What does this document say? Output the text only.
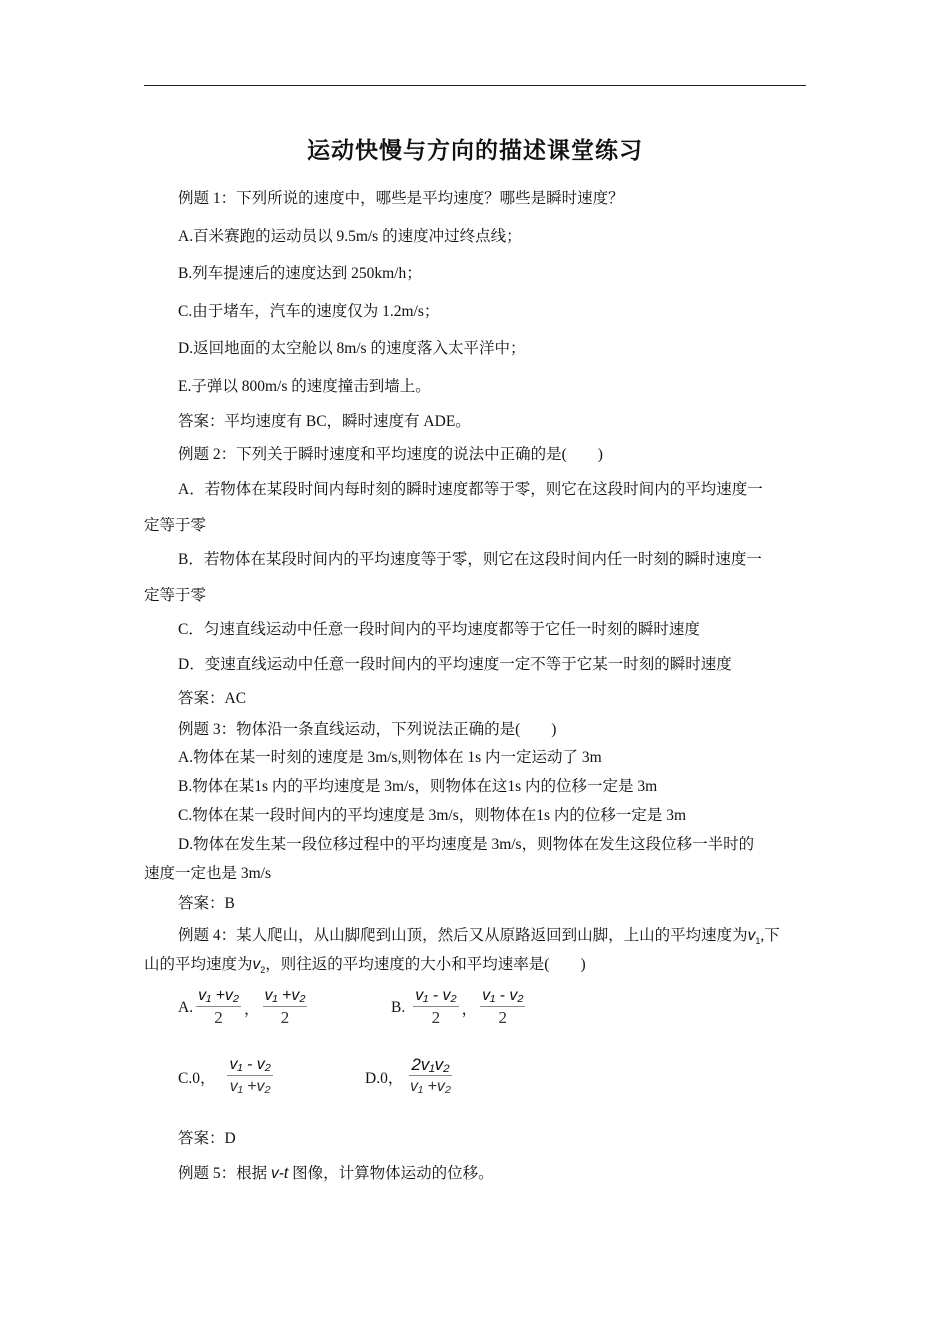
运动快慢与方向的描述课堂练习
例题 1：下列所说的速度中，哪些是平均速度？哪些是瞬时速度？
A.百米赛跑的运动员以 9.5m/s 的速度冲过终点线；
B.列车提速后的速度达到 250km/h；
C.由于堵车，汽车的速度仅为 1.2m/s；
D.返回地面的太空舱以 8m/s 的速度落入太平洋中；
E.子弹以 800m/s 的速度撞击到墙上。
答案：平均速度有 BC，瞬时速度有 ADE。
例题 2：下列关于瞬时速度和平均速度的说法中正确的是(　　)
A．若物体在某段时间内每时刻的瞬时速度都等于零，则它在这段时间内的平均速度一
定等于零
B．若物体在某段时间内的平均速度等于零，则它在这段时间内任一时刻的瞬时速度一
定等于零
C．匀速直线运动中任意一段时间内的平均速度都等于它任一时刻的瞬时速度
D．变速直线运动中任意一段时间内的平均速度一定不等于它某一时刻的瞬时速度
答案：AC
例题 3：物体沿一条直线运动，下列说法正确的是(　　)
A.物体在某一时刻的速度是 3m/s,则物体在 1s 内一定运动了 3m
B.物体在某1s 内的平均速度是 3m/s，则物体在这1s 内的位移一定是 3m
C.物体在某一段时间内的平均速度是 3m/s，则物体在1s 内的位移一定是 3m
D.物体在发生某一段位移过程中的平均速度是 3m/s，则物体在发生这段位移一半时的
速度一定也是 3m/s
答案：B
例题 4：某人爬山，从山脚爬到山顶，然后又从原路返回到山脚，上山的平均速度为$v_1$,下
山的平均速度为$v_2$，则往返的平均速度的大小和平均速率是(　　)
A. $\frac{\text{v₁ +v₂}}{2}$ ， $\frac{\text{v₁ +v₂}}{2}$	B. $\frac{\text{v₁ - v₂}}{2}$ ， $\frac{\text{v₁ - v₂}}{2}$
C.0， $\frac{\text{v₁ - v₂}}{\text{v₁ +v₂}}$	D.0， $\frac{\text{2v₁v₂}}{\text{v₁ +v₂}}$
答案：D
例题 5：根据 v-t 图像，计算物体运动的位移。
